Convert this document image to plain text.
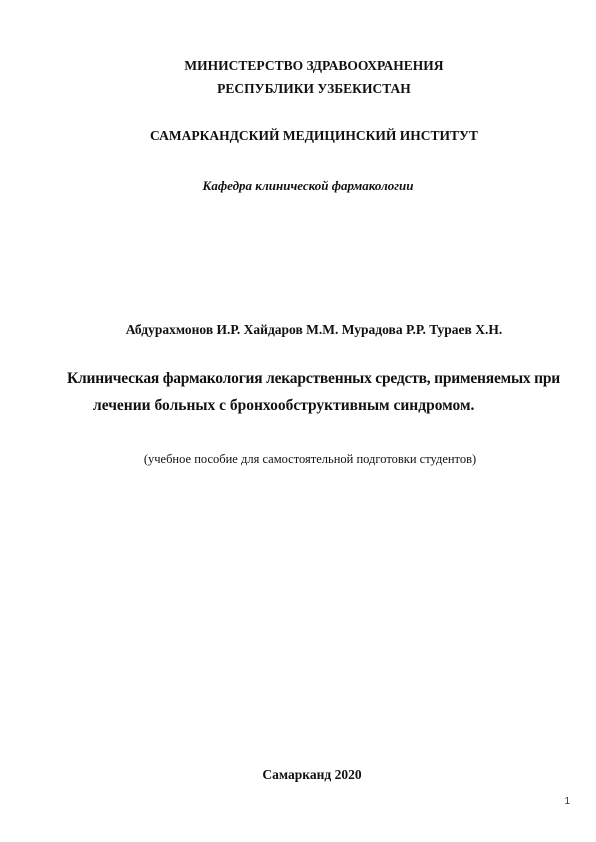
МИНИСТЕРСТВО ЗДРАВООХРАНЕНИЯ
РЕСПУБЛИКИ УЗБЕКИСТАН
САМАРКАНДСКИЙ МЕДИЦИНСКИЙ ИНСТИТУТ
Кафедра клинической фармакологии
Абдурахмонов И.Р. Хайдаров М.М. Мурадова Р.Р. Тураев Х.Н.
Клиническая фармакология лекарственных средств, применяемых при
лечении больных с бронхообструктивным синдромом.
(учебное пособие для самостоятельной подготовки студентов)
Самарканд 2020
1
